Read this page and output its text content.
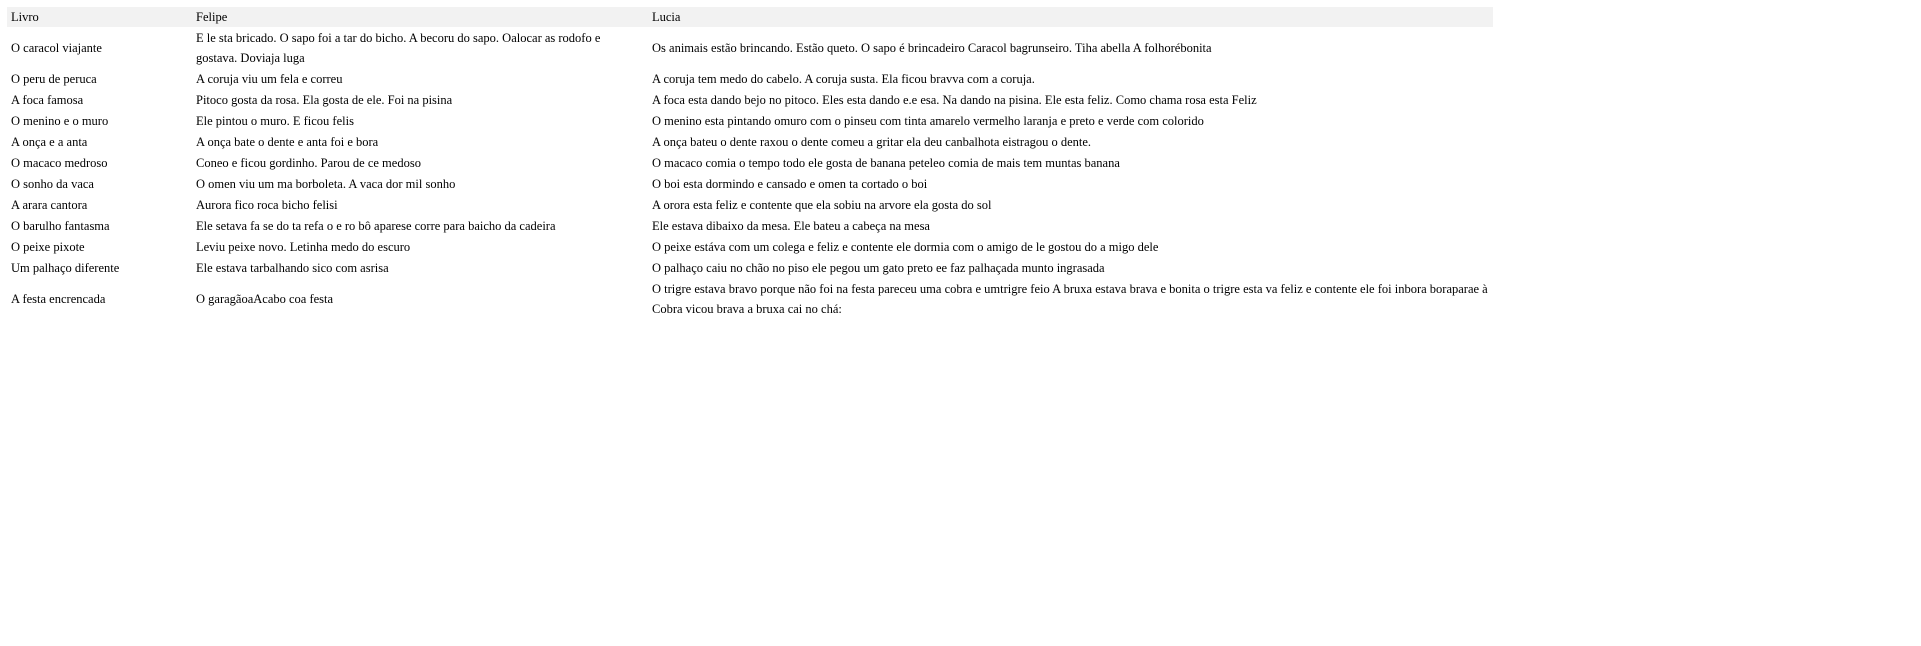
Livro	Felipe	Lucia
O caracol viajante	E le sta bricado. O sapo foi a tar do bicho. A becoru do sapo. Oalocar as rodofo e gostava. Doviaja luga	Os animais estão brincando. Estão queto. O sapo é brincadeiro Caracol bagrunseiro. Tiha abella A folhorébonita
O peru de peruca	A coruja viu um fela e correu	A coruja tem medo do cabelo. A coruja susta. Ela ficou bravva com a coruja.
A foca famosa	Pitoco gosta da rosa. Ela gosta de ele. Foi na pisina	A foca esta dando bejo no pitoco. Eles esta dando e.e esa. Na dando na pisina. Ele esta feliz. Como chama rosa esta Feliz
O menino e o muro	Ele pintou o muro. E ficou felis	O menino esta pintando omuro com o pinseu com tinta amarelo vermelho laranja e preto e verde com colorido
A onça e a anta	A onça bate o dente e anta foi e bora	A onça bateu o dente raxou o dente comeu a gritar ela deu canbalhota eistragou o dente.
O macaco medroso	Coneo e ficou gordinho. Parou de ce medoso	O macaco comia o tempo todo ele gosta de banana peteleo comia de mais tem muntas banana
O sonho da vaca	O omen viu um ma borboleta. A vaca dor mil sonho	O boi esta dormindo e cansado e omen ta cortado o boi
A arara cantora	Aurora fico roca bicho felisi	A orora esta feliz e contente que ela sobiu na arvore ela gosta do sol
O barulho fantasma	Ele setava fa se do ta refa o e ro bô aparese corre para baicho da cadeira	Ele estava dibaixo da mesa. Ele bateu a cabeça na mesa
O peixe pixote	Leviu peixe novo. Letinha medo do escuro	O peixe estáva com um colega e feliz e contente ele dormia com o amigo de le gostou do a migo dele
Um palhaço diferente	Ele estava tarbalhando sico com asrisa	O palhaço caiu no chão no piso ele pegou um gato preto ee faz palhaçada munto ingrasada
A festa encrencada	O garagãoaAcabo coa festa	O trigre estava bravo porque não foi na festa pareceu uma cobra e umtrigre feio A bruxa estava brava e bonita o trigre esta va feliz e contente ele foi inbora boraparae à Cobra vicou brava a bruxa cai no chá:
